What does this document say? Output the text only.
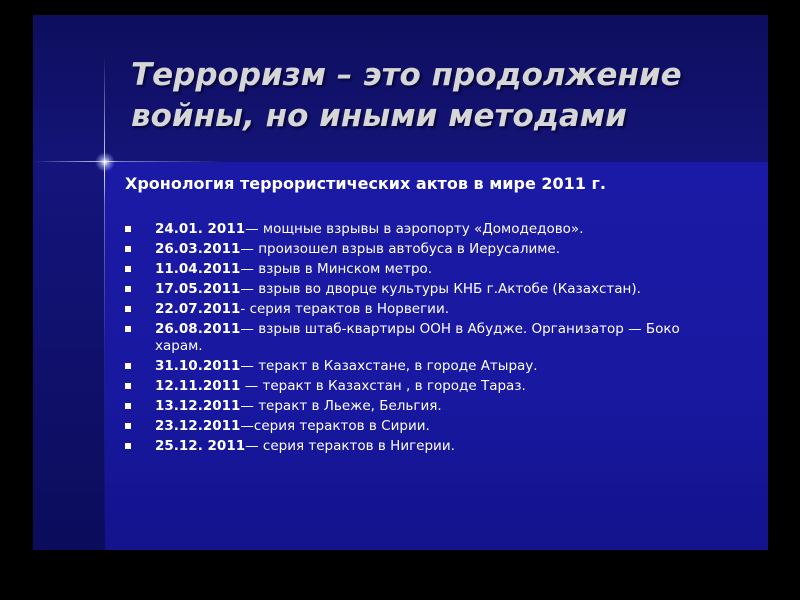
Терроризм – это продолжение войны, но иными методами

Хронология террористических актов в мире 2011 г.

24.01. 2011— мощные взрывы в аэропорту «Домодедово».
26.03.2011— произошел взрыв автобуса в Иерусалиме.
11.04.2011— взрыв в Минском метро.
17.05.2011— взрыв во дворце культуры КНБ г.Актобе (Казахстан).
22.07.2011- серия терактов в Норвегии.
26.08.2011— взрыв штаб-квартиры ООН в Абудже. Организатор — Боко харам.
31.10.2011— теракт в Казахстане, в городе Атырау.
12.11.2011 — теракт в Казахстан , в городе Тараз.
13.12.2011— теракт в Льеже, Бельгия.
23.12.2011—серия терактов в Сирии.
25.12. 2011— серия терактов в Нигерии.
